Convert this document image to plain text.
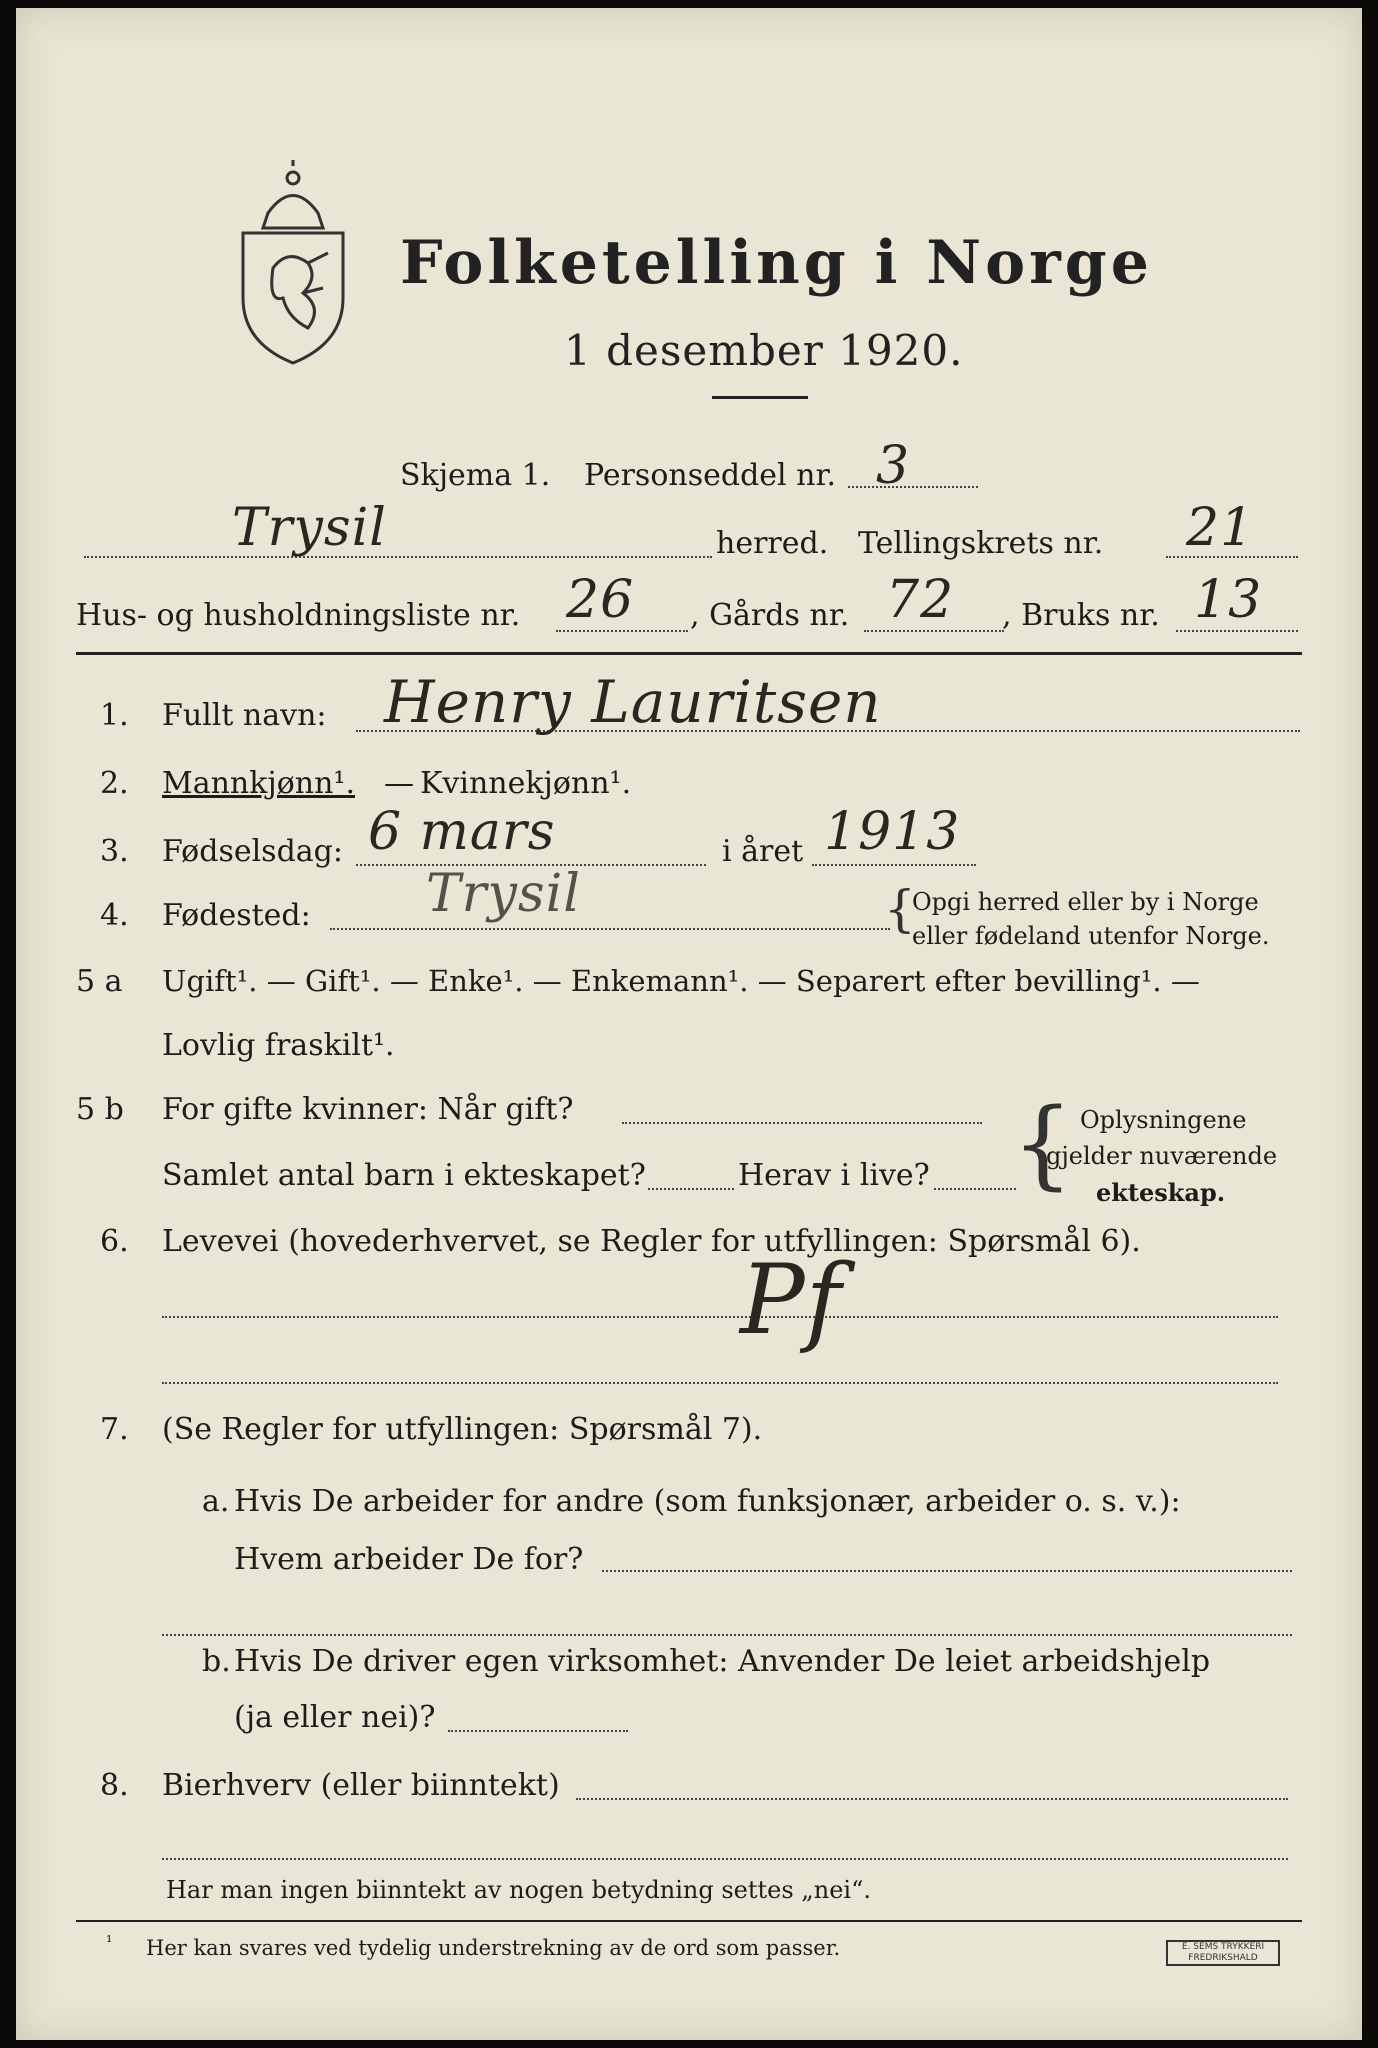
Folketelling i Norge
1 desember 1920.
Skjema 1. Personseddel nr. 3
Trysil	herred. Tellingskrets nr. 21
Hus- og husholdningsliste nr. 26 , Gårds nr. 72 , Bruks nr. 13
1. Fullt navn: Henry Lauritsen
2. Mannkjønn¹. — Kvinnekjønn¹.
3. Fødselsdag: 6 mars	i året 1913
4. Fødested: Trysil	{
Opgi herred eller by i Norge
eller fødeland utenfor Norge.
5 a Ugift¹. — Gift¹. — Enke¹. — Enkemann¹. — Separert efter bevilling¹. —
Lovlig fraskilt¹.
5 b For gifte kvinner: Når gift?
Samlet antal barn i ekteskapet?	Herav i live? { Oplysningene
gjelder nuværende
ekteskap.
6. Levevei (hovederhvervet, se Regler for utfyllingen: Spørsmål 6).
Pf
7. (Se Regler for utfyllingen: Spørsmål 7).
a. Hvis De arbeider for andre (som funksjonær, arbeider o. s. v.):
Hvem arbeider De for?
b. Hvis De driver egen virksomhet: Anvender De leiet arbeidshjelp
(ja eller nei)?
8. Bierhverv (eller biinntekt)
Har man ingen biinntekt av nogen betydning settes „nei“.
¹ Her kan svares ved tydelig understrekning av de ord som passer.	E. SEMS TRYKKERI
FREDRIKSHALD
